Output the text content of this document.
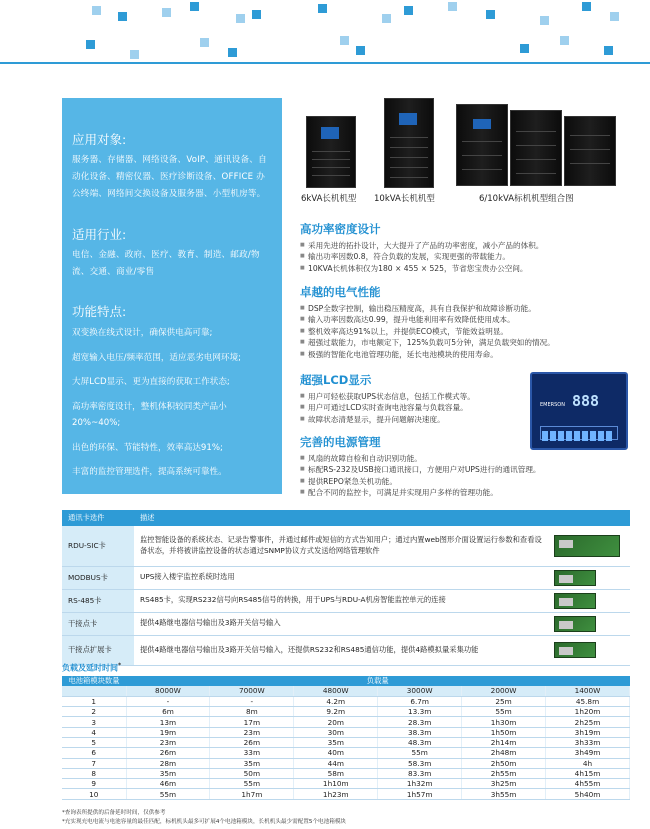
应用对象:
服务器、存储器、网络设备、VoIP、通讯设备、自动化设备、精密仪器、医疗诊断设备、OFFICE 办公终端、网络间交换设备及服务器、小型机房等。
适用行业:
电信、金融、政府、医疗、教育、制造、邮政/物流、交通、商业/零售
功能特点:
双变换在线式设计，确保供电高可靠;
超宽输入电压/频率范围，适应恶劣电网环境;
大屏LCD显示、更为直接的获取工作状态;
高功率密度设计，整机体积较同类产品小20%~40%;
出色的环保、节能特性，效率高达91%;
丰富的监控管理选件，提高系统可靠性。
6kVA长机机型 10kVA长机机型	6/10kVA标机机型组合图
高功率密度设计
■ 采用先进的拓扑设计，大大提升了产品的功率密度，减小产品的体积。
■ 输出功率因数0.8，符合负载的发展，实现更强的带载能力。
■ 10KVA长机体积仅为180 × 455 × 525，节省您宝贵办公空间。
卓越的电气性能
■ DSP全数字控制，输出稳压精度高，具有自我保护和故障诊断功能。
■ 输入功率因数高达0.99，提升电能利用率有效降低使用成本。
■ 整机效率高达91%以上，并提供ECO模式，节能效益明显。
■ 超强过载能力，市电额定下，125%负载可5分钟，满足负载突如的情况。
■ 极强的智能化电池管理功能，延长电池模块的使用寿命。
超强LCD显示
■ 用户可轻松获取UPS状态信息，包括工作模式等。
■ 用户可通过LCD实时查询电池容量与负载容量。
■ 故障状态清楚显示，提升问题解决速度。
完善的电源管理
■ 风扇的故障自检和自动识别功能。
■ 标配RS-232及USB接口通讯接口，方便用户对UPS进行的通讯管理。
■ 提供REPO紧急关机功能。
■ 配合不同的监控卡，可满足并实现用户多样的管理功能。
EMERSON 888
通讯卡选件	描述	
RDU-SIC卡	监控智能设备的系统状态、记录告警事件，并通过邮件或短信的方式告知用户；通过内置web图形介面设置运行参数和查看设备状态，并将被讲监控设备的状态通过SNMP协议方式发送给网络管理软件	

MODBUS卡	UPS接入楼宇监控系统时选用	

RS-485卡	RS485卡，实现RS232信号向RS485信号的转换，用于UPS与RDU-A机房智能监控单元的连接	

干接点卡	提供4路继电器信号输出及3路开关信号输入	

干接点扩展卡	提供4路继电器信号输出及3路开关信号输入，还提供RS232和RS485通信功能，提供4路模拟量采集功能	
负载及延时时间*
电池箱模块数量	负载量					
	8000W	7000W	4800W	3000W	2000W	1400W
1	-	-	4.2m	6.7m	25m	45.8m
2	6m	8m	9.2m	13.3m	55m	1h20m
3	13m	17m	20m	28.3m	1h30m	2h25m
4	19m	23m	30m	38.3m	1h50m	3h19m
5	23m	26m	35m	48.3m	2h14m	3h33m
6	26m	33m	40m	55m	2h48m	3h49m
7	28m	35m	44m	58.3m	2h50m	4h
8	35m	50m	58m	83.3m	2h55m	4h15m
9	46m	55m	1h10m	1h32m	3h25m	4h55m
10	55m	1h7m	1h23m	1h57m	3h55m	5h40m
*查询表所提供的后备延时时间，仅供参考
*充实现充电电流与电池容量的最佳匹配，标机机头最多可扩展4个电池箱模块，长机机头最少需配置5个电池箱模块
